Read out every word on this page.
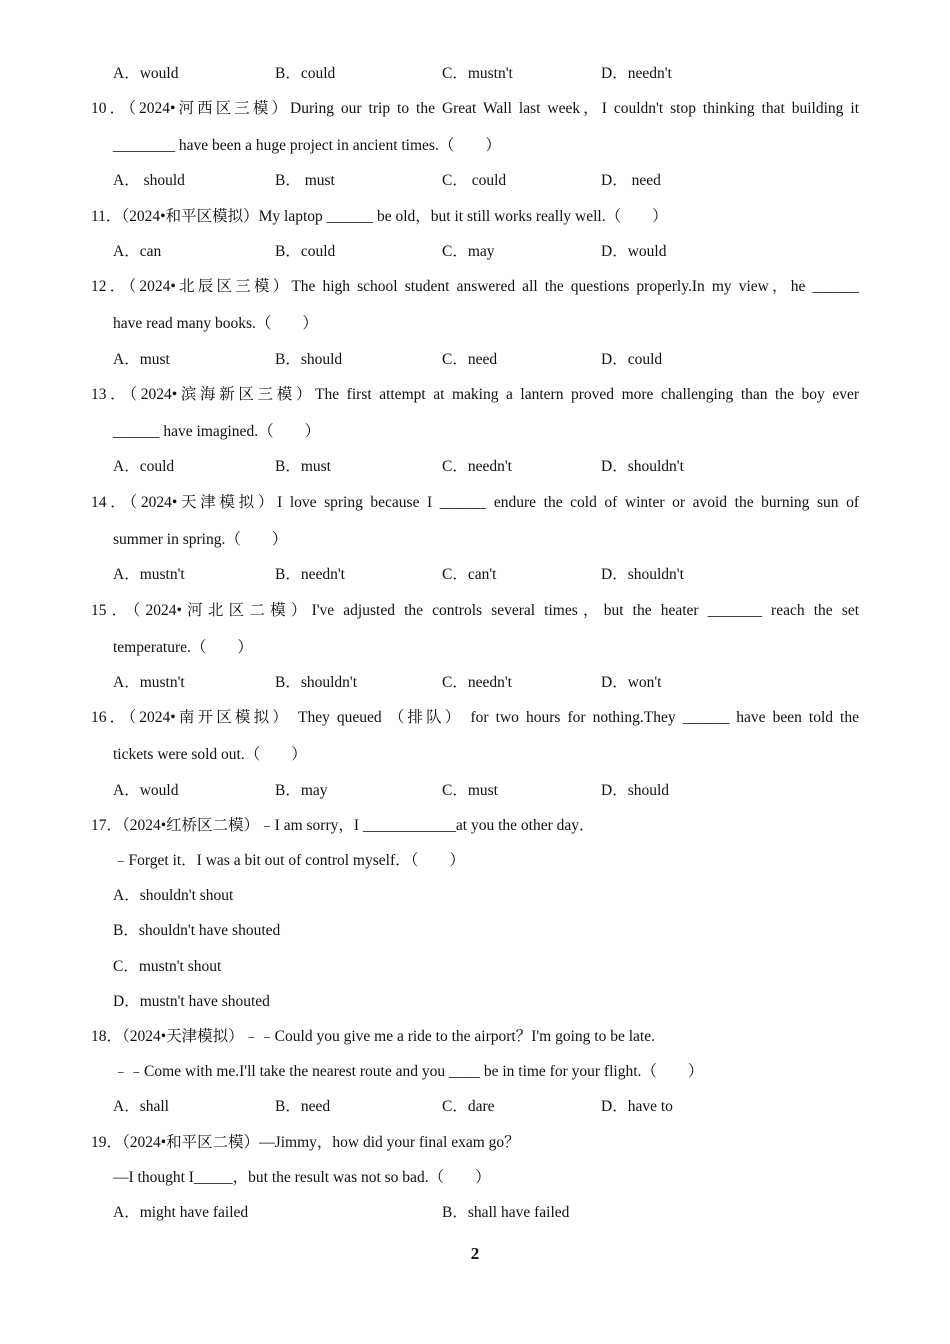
A．would	B．could	C．mustn't	D．needn't
10．（2024•河西区三模）During our trip to the Great Wall last week，I couldn't stop thinking that building it
________ have been a huge project in ancient times.（　　）
A． should	B． must	C． could	D． need
11．（2024•和平区模拟）My laptop ______ be old，but it still works really well.（　　）
A．can	B．could	C．may	D．would
12．（2024•北辰区三模）The high school student answered all the questions properly.In my view，he ______
have read many books.（　　）
A．must	B．should	C．need	D．could
13．（2024•滨海新区三模）The first attempt at making a lantern proved more challenging than the boy ever
______ have imagined.（　　）
A．could	B．must	C．needn't	D．shouldn't
14．（2024•天津模拟）I love spring because I ______ endure the cold of winter or avoid the burning sun of
summer in spring.（　　）
A．mustn't	B．needn't	C．can't	D．shouldn't
15．（2024•河北区二模）I've adjusted the controls several times，but the heater _______ reach the set
temperature.（　　）
A．mustn't	B．shouldn't	C．needn't	D．won't
16．（2024•南开区模拟） They queued （排队） for two hours for nothing.They ______ have been told the
tickets were sold out.（　　）
A．would	B．may	C．must	D．should
17．（2024•红桥区二模）﹣I am sorry，I ____________at you the other day．
﹣Forget it．I was a bit out of control myself．（　　）
A．shouldn't shout
B．shouldn't have shouted
C．mustn't shout
D．mustn't have shouted
18．（2024•天津模拟）﹣﹣Could you give me a ride to the airport？I'm going to be late.
﹣﹣Come with me.I'll take the nearest route and you ____ be in time for your flight.（　　）
A．shall	B．need	C．dare	D．have to
19．（2024•和平区二模）—Jimmy，how did your final exam go？
—I thought I_____，but the result was not so bad.（　　）
A．might have failed	B．shall have failed
2
